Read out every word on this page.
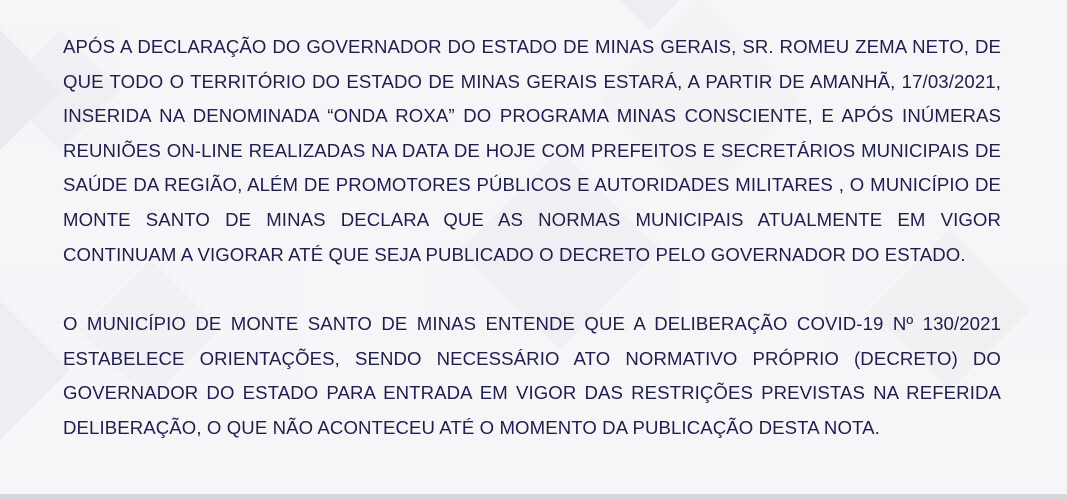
APÓS A DECLARAÇÃO DO GOVERNADOR DO ESTADO DE MINAS GERAIS, SR. ROMEU ZEMA NETO, DE QUE TODO O TERRITÓRIO DO ESTADO DE MINAS GERAIS ESTARÁ, A PARTIR DE AMANHÃ, 17/03/2021, INSERIDA NA DENOMINADA “ONDA ROXA” DO PROGRAMA MINAS CONSCIENTE, E APÓS INÚMERAS REUNIÕES ON-LINE REALIZADAS NA DATA DE HOJE COM PREFEITOS E SECRETÁRIOS MUNICIPAIS DE SAÚDE DA REGIÃO, ALÉM DE PROMOTORES PÚBLICOS E AUTORIDADES MILITARES , O MUNICÍPIO DE MONTE SANTO DE MINAS DECLARA QUE AS NORMAS MUNICIPAIS ATUALMENTE EM VIGOR CONTINUAM A VIGORAR ATÉ QUE SEJA PUBLICADO O DECRETO PELO GOVERNADOR DO ESTADO.

O MUNICÍPIO DE MONTE SANTO DE MINAS ENTENDE QUE A DELIBERAÇÃO COVID-19 Nº 130/2021 ESTABELECE ORIENTAÇÕES, SENDO NECESSÁRIO ATO NORMATIVO PRÓPRIO (DECRETO) DO GOVERNADOR DO ESTADO PARA ENTRADA EM VIGOR DAS RESTRIÇÕES PREVISTAS NA REFERIDA DELIBERAÇÃO, O QUE NÃO ACONTECEU ATÉ O MOMENTO DA PUBLICAÇÃO DESTA NOTA.
